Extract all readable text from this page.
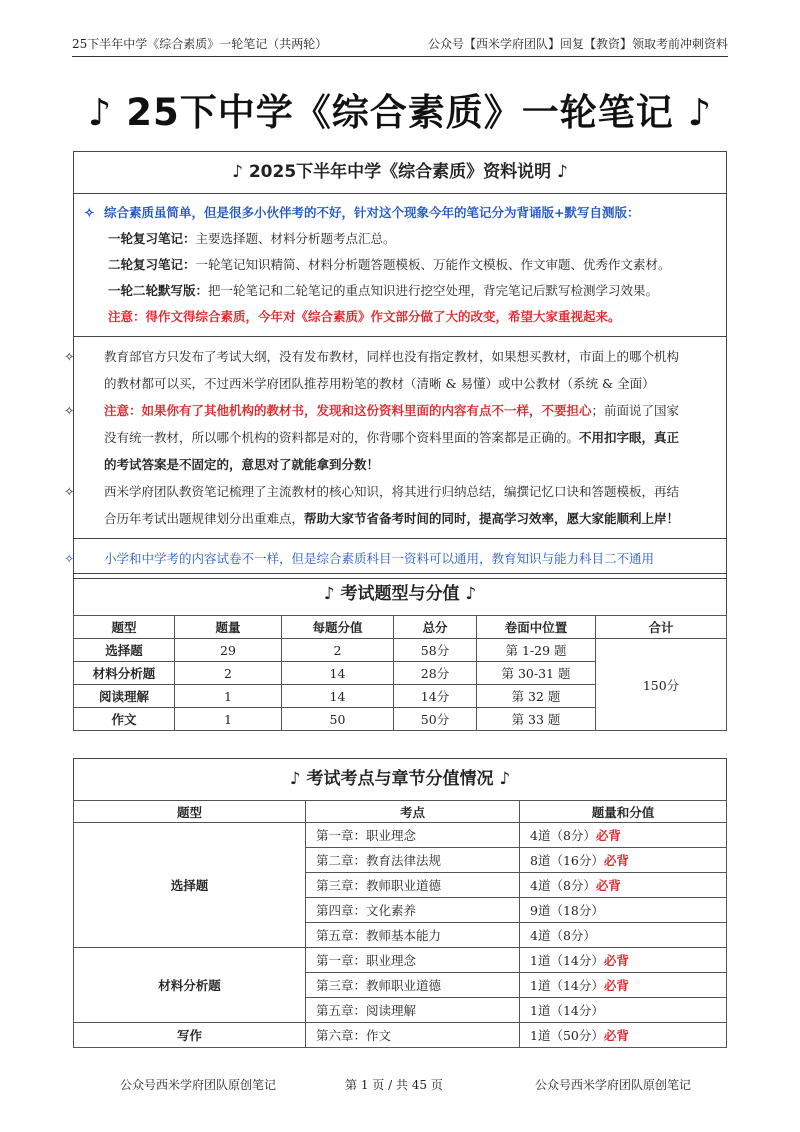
25下半年中学《综合素质》一轮笔记（共两轮）	公众号【西米学府团队】回复【教资】领取考前冲刺资料
♪ 25下中学《综合素质》一轮笔记 ♪
♪ 2025下半年中学《综合素质》资料说明 ♪
✧ 综合素质虽简单，但是很多小伙伴考的不好，针对这个现象今年的笔记分为背诵版+默写自测版：
一轮复习笔记：主要选择题、材料分析题考点汇总。
二轮复习笔记：一轮笔记知识精简、材料分析题答题模板、万能作文模板、作文审题、优秀作文素材。
一轮二轮默写版：把一轮笔记和二轮笔记的重点知识进行挖空处理，背完笔记后默写检测学习效果。
注意：得作文得综合素质，今年对《综合素质》作文部分做了大的改变，希望大家重视起来。
✧ 教育部官方只发布了考试大纲，没有发布教材，同样也没有指定教材，如果想买教材，市面上的哪个机构
的教材都可以买，不过西米学府团队推荐用粉笔的教材（清晰 & 易懂）或中公教材（系统 & 全面）
✧ 注意：如果你有了其他机构的教材书，发现和这份资料里面的内容有点不一样，不要担心；前面说了国家
没有统一教材，所以哪个机构的资料都是对的，你背哪个资料里面的答案都是正确的。不用扣字眼，真正
的考试答案是不固定的，意思对了就能拿到分数！
✧ 西米学府团队教资笔记梳理了主流教材的核心知识，将其进行归纳总结，编撰记忆口诀和答题模板，再结
合历年考试出题规律划分出重难点，帮助大家节省备考时间的同时，提高学习效率，愿大家能顺利上岸！
✧ 小学和中学考的内容试卷不一样，但是综合素质科目一资料可以通用，教育知识与能力科目二不通用
♪ 考试题型与分值 ♪
题型	题量	每题分值	总分	卷面中位置	合计
选择题	29	2	58分	第 1-29 题	150分
材料分析题	2	14	28分	第 30-31 题	
阅读理解	1	14	14分	第 32 题	
作文	1	50	50分	第 33 题	
♪ 考试考点与章节分值情况 ♪
题型	考点	题量和分值
选择题	第一章：职业理念	4道（8分）必背
	第二章：教育法律法规	8道（16分）必背
	第三章：教师职业道德	4道（8分）必背
	第四章：文化素养	9道（18分）
	第五章：教师基本能力	4道（8分）
材料分析题	第一章：职业理念	1道（14分）必背
	第三章：教师职业道德	1道（14分）必背
	第五章：阅读理解	1道（14分）
写作	第六章：作文	1道（50分）必背
公众号西米学府团队原创笔记	第 1 页 / 共 45 页	公众号西米学府团队原创笔记
